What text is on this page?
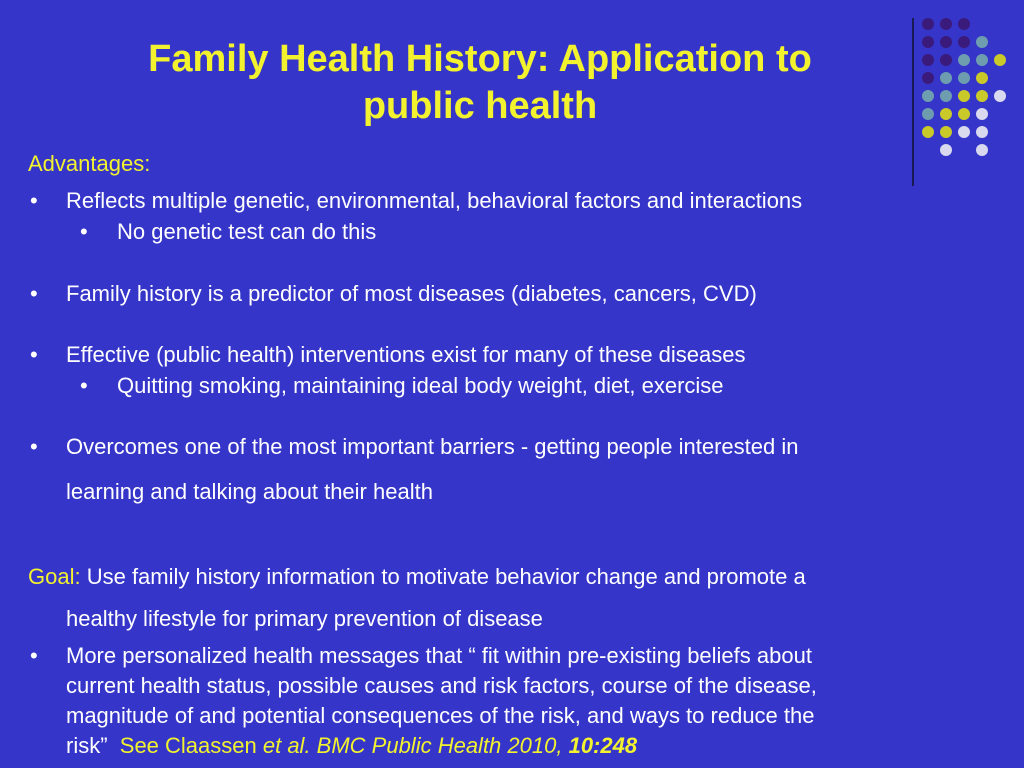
Family Health History: Application to
public health
Advantages:
• Reflects multiple genetic, environmental, behavioral factors and interactions
• No genetic test can do this
• Family history is a predictor of most diseases (diabetes, cancers, CVD)
• Effective (public health) interventions exist for many of these diseases
• Quitting smoking, maintaining ideal body weight, diet, exercise
• Overcomes one of the most important barriers - getting people interested in
learning and talking about their health
Goal: Use family history information to motivate behavior change and promote a
healthy lifestyle for primary prevention of disease
• More personalized health messages that “ fit within pre-existing beliefs about
current health status, possible causes and risk factors, course of the disease,
magnitude of and potential consequences of the risk, and ways to reduce the
risk”  See Claassen et al. BMC Public Health 2010, 10:248
